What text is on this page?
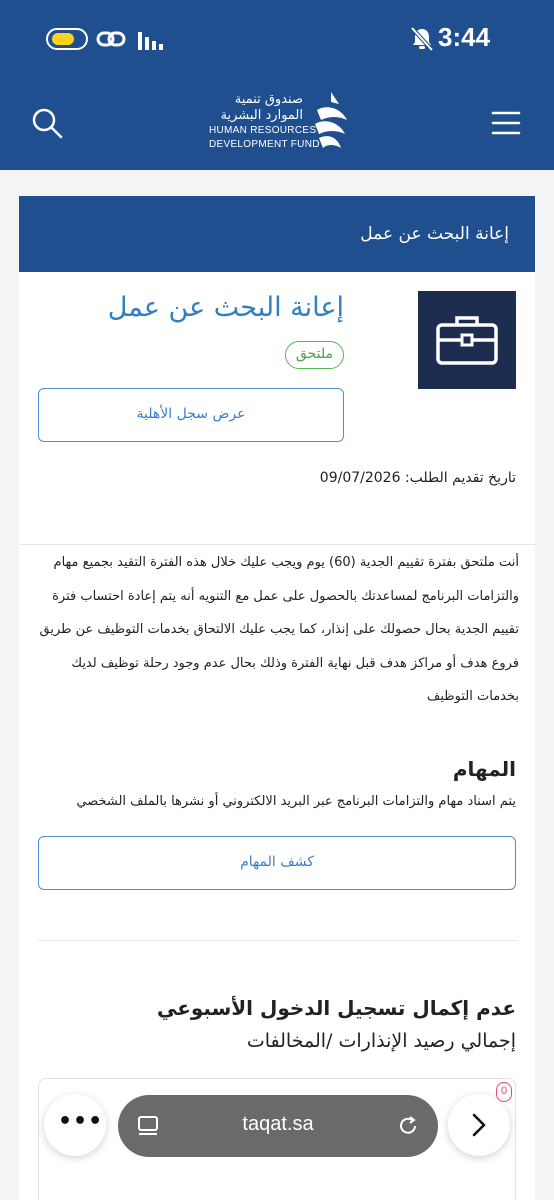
3:44
صندوق تنمية
الموارد البشرية
HUMAN RESOURCES
DEVELOPMENT FUND
إعانة البحث عن عمل
إعانة البحث عن عمل
ملتحق
عرض سجل الأهلية
تاريخ تقديم الطلب: 09/07/2026
أنت ملتحق بفترة تقييم الجدية (60) يوم ويجب عليك خلال هذه الفترة التقيد بجميع مهام والتزامات البرنامج لمساعدتك بالحصول على عمل مع التنويه أنه يتم إعادة احتساب فترة تقييم الجدية بحال حصولك على إنذار، كما يجب عليك الالتحاق بخدمات التوظيف عن طريق فروع هدف أو مراكز هدف قبل نهاية الفترة وذلك بحال عدم وجود رحلة توظيف لديك بخدمات التوظيف
المهام
يتم اسناد مهام والتزامات البرنامج عبر البريد الالكتروني أو نشرها بالملف الشخصي
كشف المهام
عدم إكمال تسجيل الدخول الأسبوعي
إجمالي رصيد الإنذارات /المخالفات
•••	taqat.sa
0
